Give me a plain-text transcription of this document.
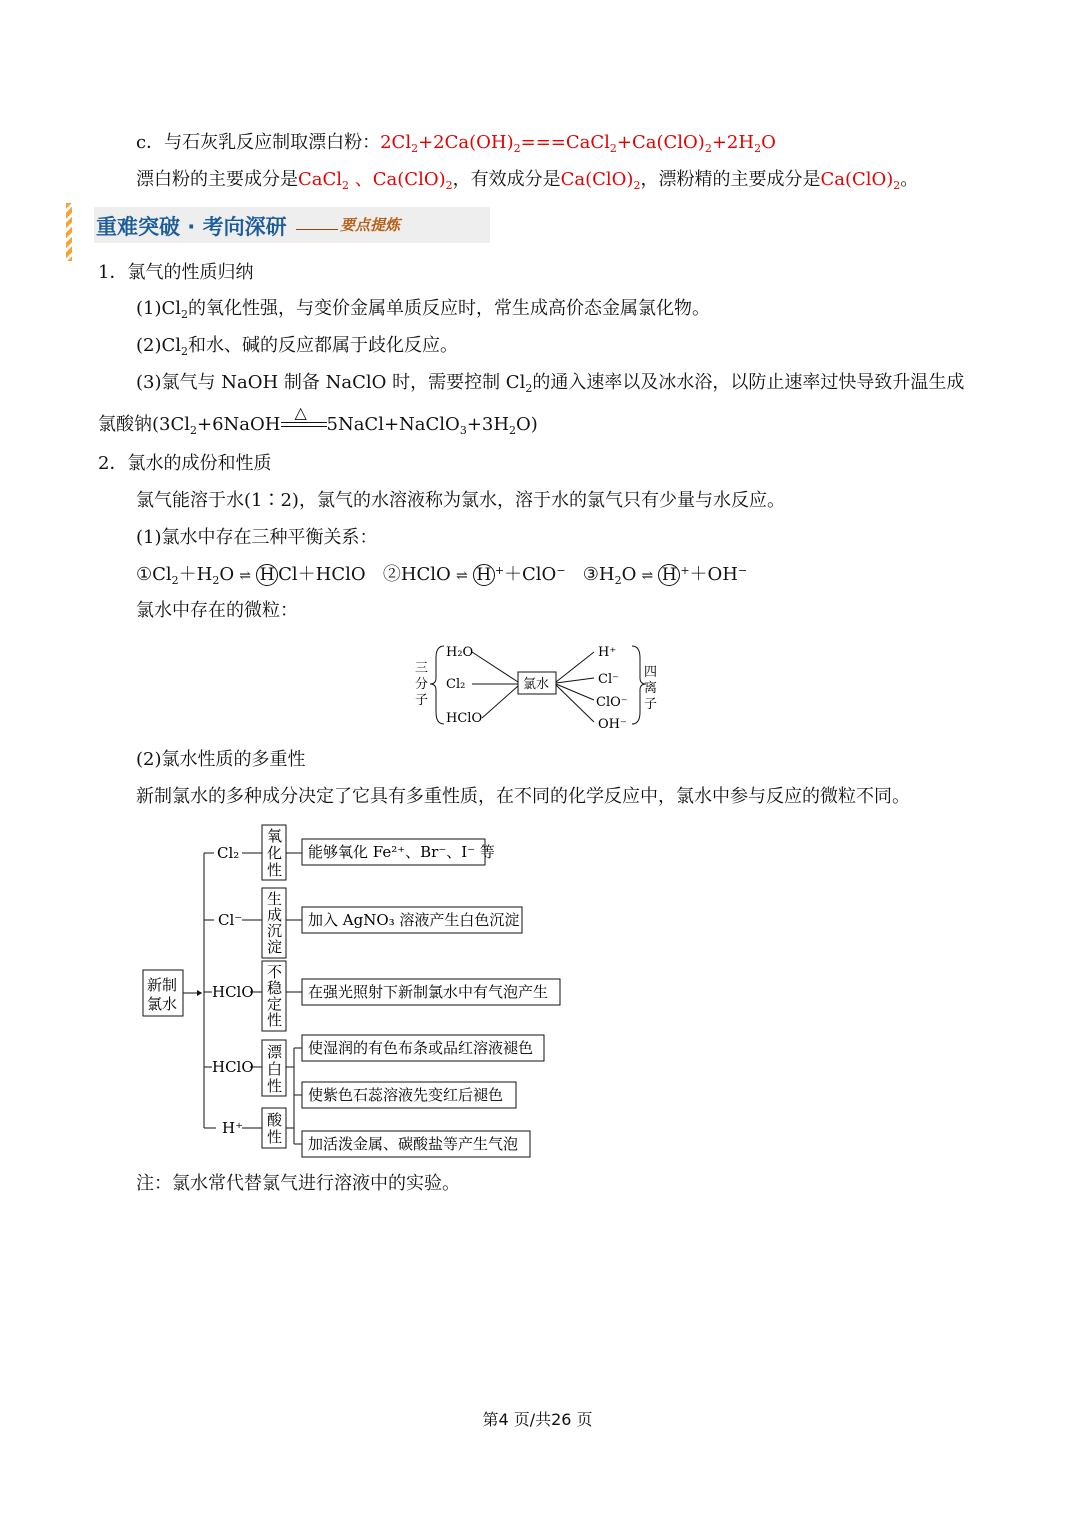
c．与石灰乳反应制取漂白粉：$2Cl_2+2Ca(OH)_2===CaCl_2+Ca(ClO)_2+2H_2O$
漂白粉的主要成分是CaCl$_2$ 、$Ca(ClO)_2$，有效成分是$Ca(ClO)_2$，漂粉精的主要成分是$Ca(ClO)_2$。
重难突破 · 考向深研	要点提炼
1．氯气的性质归纳
$(1)Cl_2$的氧化性强，与变价金属单质反应时，常生成高价态金属氯化物。
$(2)Cl_2$和水、碱的反应都属于歧化反应。
(3)氯气与 NaOH 制备 NaClO 时，需要控制 $Cl_2$的通入速率以及冰水浴，以防止速率过快导致升温生成
氯酸钠($3Cl_2+6NaOH$
△
$5NaCl+NaClO_3+3H_2O$)
2．氯水的成份和性质
氯气能溶于水(1∶2)，氯气的水溶液称为氯水，溶于水的氯气只有少量与水反应。
(1)氯水中存在三种平衡关系：
$①Cl_2+H_2O$ ⇌ H Cl＋HClO ②HClO ⇌ H +＋ClO− $③H_2O$ ⇌ H +＋OH−
氯水中存在的微粒：
三
分
子
H₂O
Cl₂
HClO
氯水
H⁺
Cl⁻
ClO⁻
OH⁻
四
离
子
(2)氯水性质的多重性
新制氯水的多种成分决定了它具有多重性质，在不同的化学反应中，氯水中参与反应的微粒不同。
新制
氯水
Cl₂
氧
化
性
能够氧化 Fe²⁺、Br⁻、I⁻ 等
Cl⁻
生
成
沉
淀
加入 AgNO₃ 溶液产生白色沉淀
HClO
不
稳
定
性
在强光照射下新制氯水中有气泡产生
HClO
漂
白
性
使湿润的有色布条或品红溶液褪色
使紫色石蕊溶液先变红后褪色
H⁺ 酸
性 加活泼金属、碳酸盐等产生气泡
注：氯水常代替氯气进行溶液中的实验。
第4 页/共26 页
